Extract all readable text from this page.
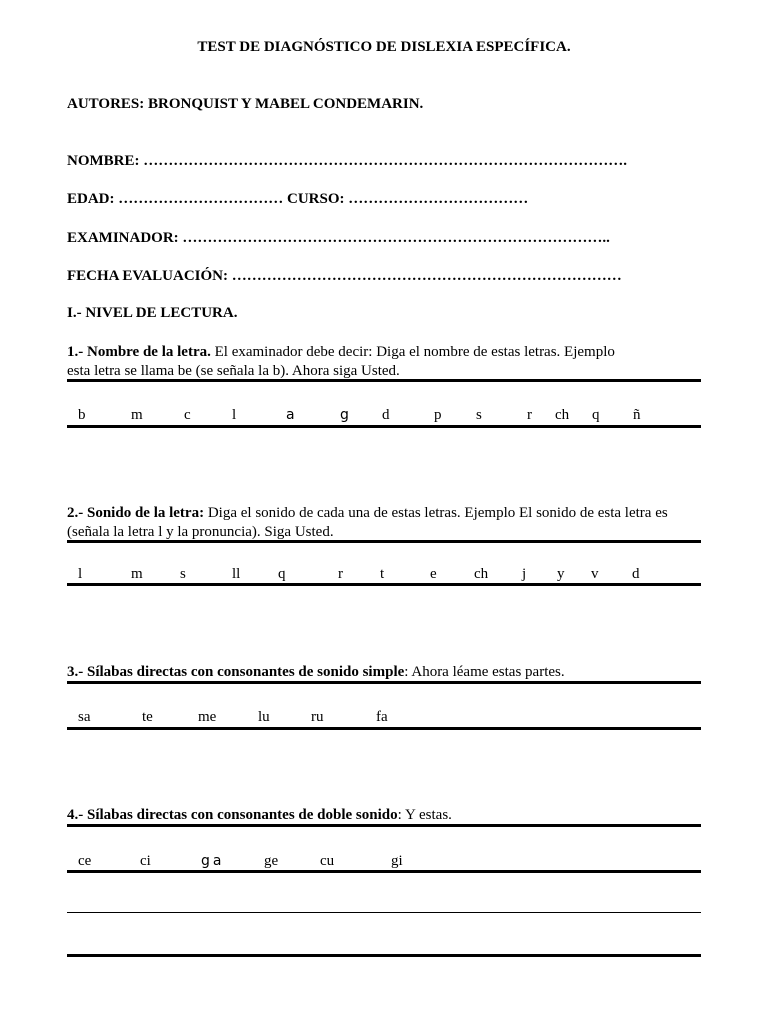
TEST DE DIAGNÓSTICO DE DISLEXIA ESPECÍFICA.
AUTORES: BRONQUIST Y MABEL CONDEMARIN.
NOMBRE: …………………………………………………………………………………….
EDAD: …………………………… CURSO: ………………………………
EXAMINADOR: …………………………………………………………………………..
FECHA EVALUACIÓN: ……………………………………………………………………
I.- NIVEL DE LECTURA.
1.- Nombre de la letra. El examinador debe decir: Diga el nombre de estas letras. Ejemplo esta letra se llama be (se señala la b). Ahora siga Usted.
b	m	c	l	a	g d	p s	r ch q ñ
2.- Sonido de la letra: Diga el sonido de cada una de estas letras. Ejemplo El sonido de esta letra es (señala la letra l y la pronuncia). Siga Usted.
l	m s	ll	q	r t	e ch j y v d
3.- Sílabas directas con consonantes de sonido simple: Ahora léame estas partes.
sa	te	me	lu	ru	fa
4.- Sílabas directas con consonantes de doble sonido: Y estas.
ce	ci	ga	ge	cu	gi
